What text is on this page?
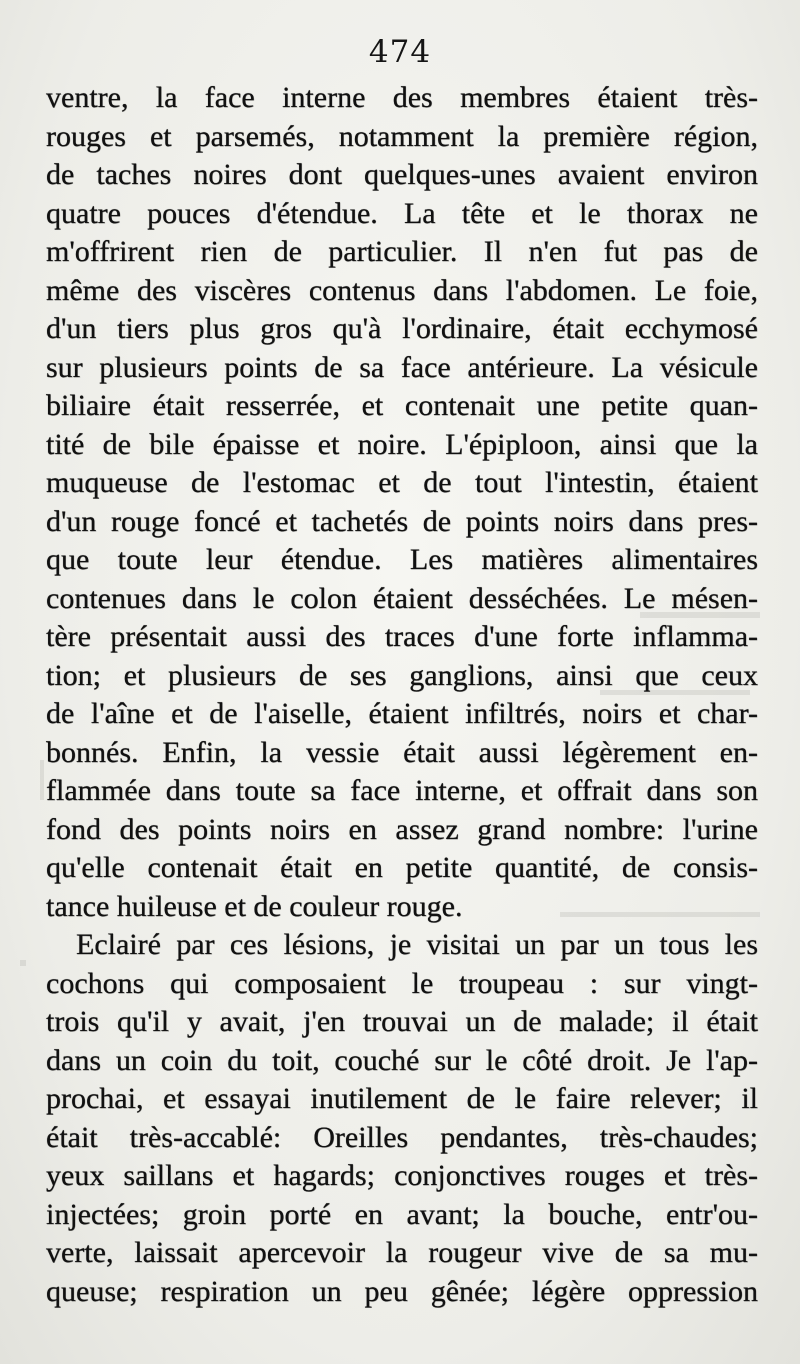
474
ventre, la face interne des membres étaient très-
rouges et parsemés, notamment la première région,
de taches noires dont quelques-unes avaient environ
quatre pouces d'étendue. La tête et le thorax ne
m'offrirent rien de particulier. Il n'en fut pas de
même des viscères contenus dans l'abdomen. Le foie,
d'un tiers plus gros qu'à l'ordinaire, était ecchymosé
sur plusieurs points de sa face antérieure. La vésicule
biliaire était resserrée, et contenait une petite quan-
tité de bile épaisse et noire. L'épiploon, ainsi que la
muqueuse de l'estomac et de tout l'intestin, étaient
d'un rouge foncé et tachetés de points noirs dans pres-
que toute leur étendue. Les matières alimentaires
contenues dans le colon étaient desséchées. Le mésen-
tère présentait aussi des traces d'une forte inflamma-
tion; et plusieurs de ses ganglions, ainsi que ceux
de l'aîne et de l'aiselle, étaient infiltrés, noirs et char-
bonnés. Enfin, la vessie était aussi légèrement en-
flammée dans toute sa face interne, et offrait dans son
fond des points noirs en assez grand nombre: l'urine
qu'elle contenait était en petite quantité, de consis-
tance huileuse et de couleur rouge.
Eclairé par ces lésions, je visitai un par un tous les
cochons qui composaient le troupeau : sur vingt-
trois qu'il y avait, j'en trouvai un de malade; il était
dans un coin du toit, couché sur le côté droit. Je l'ap-
prochai, et essayai inutilement de le faire relever; il
était très-accablé: Oreilles pendantes, très-chaudes;
yeux saillans et hagards; conjonctives rouges et très-
injectées; groin porté en avant; la bouche, entr'ou-
verte, laissait apercevoir la rougeur vive de sa mu-
queuse; respiration un peu gênée; légère oppression
